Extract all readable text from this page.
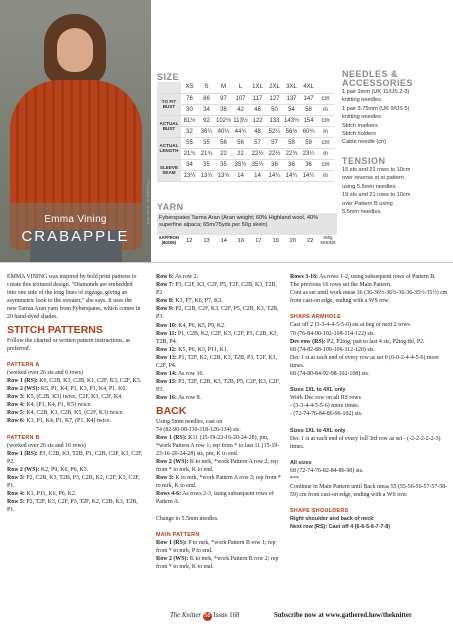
Emma Vining
CRABAPPLE
Photography: Jesse Wild
SIZE
	XS	S	M	L	1XL	2XL	3XL	4XL	
TO FIT BUST	76	86	97	107	117	127	137	147	cm
	30	34	38	42	46	50	54	58	in
ACTUAL BUST	81½	92	102½	113½	122	133	143½	154	cm
	32	36¼	40¼	44¾	48	52¼	56½	60¾	in
ACTUAL LENGTH	55	55	56	56	57	57	58	59	cm
	21¾	21¾	22	22	22½	22½	22¾	23¼	in
SLEEVE SEAM	34	35	35	35½	35½	36	36	36	cm
	13½	13¾	13¾	14	14	14¼	14¼	14¼	in
NEEDLES & ACCESSORIES
1 pair 3mm (UK 11/US 2-3)
knitting needles
1 pair 3.75mm (UK 9/US 5)
knitting needles
Stitch markers
Stitch holders
Cable needle (cn)
TENSION
15 sts and 21 rows to 10cm
over reverse st st pattern
using 5.5mm needles.
19 sts and 21 rows to 10cm
over Pattern B using
5.5mm needles.
YARN
Fyberspates Tarma Aran (Aran weight; 60% Highland wool, 40% superfine alpaca; 65m/75yds per 50g skein)
SAFFRON (80206)	12	13	14	16	17	19	20	22	x50g SKEINS

EMMA VINING was inspired by bold print patterns to create this textured design. "Diamonds are embedded into one side of the long lines of zigzags, giving an asymmetric look to the sweater," she says. It uses the new Tarma Aran yarn from Fyberspates, which comes in 20 hand-dyed shades.

STITCH PATTERNS

Follow the charted or written pattern instructions, as preferred.

PATTERN A

(worked over 26 sts and 6 rows)

Row 1 (RS): K6, C2B, K3, C2B, K1, C2F, K3, C2F, K5.

Row 2 (WS): K5, P1, K4, P1, K3, P1, K4, P1, K6.

Row 3: K5, (C2B, K3) twice, C2F, K3, C2F, K4.

Row 4: K4, (P1, K4, P1, K5) twice.

Row 5: K4, C2B, K3, C2B, K5, (C2F, K3) twice.

Row 6: K3, P1, K4, P1, K7, (P1, K4) twice.

PATTERN B

(worked over 26 sts and 16 rows)

Row 1 (RS): P3, C2B, K3, T2B, P1, C2B, C2F, K3, C2F, P2.

Row 2 (WS): K2, P9, K6, P6, K3.

Row 3: P2, C2B, K3, T2B, P3, C2B, K2, C2F, K3, C2F, P1.

Row 4: K1, P11, K6, P6, K2.

Row 5: P2, T2F, K3, C2F, P3, T2F, K2, C2B, K3, T2B, P1.

Row 6: As row 2.

Row 7: P3, C2F, K3, C2F, P5, T2F, C2B, K3, T2B, P2.

Row 8: K3, P7, K6, P7, K3.

Row 9: P2, C2B, C2F, K3, C2F, P5, C2B, K3, T2B, P3.

Row 10: K4, P6, K5, P9, K2.

Row 11: P1, C2B, K2, C2F, K3, C2F, P3, C2B, K3, T2B, P4.

Row 12: K5, P6, K3, P11, K1.

Row 13: P1, T2F, K2, C2B, K3, T2B, P3, T2F, K3, C2F, P4.

Row 14: As row 10.

Row 15: P2, T2F, C2B, K3, T2B, P5, C2F, K3, C2F, P3.

Row 16: As row 8.

BACK

Using 5mm needles, cast on

74 (82-90-98-110-118-126-134) sts.

Row 1 (RS): K11 (15-19-23-16-20-24-28), pm, *work Pattern A row 1; rep from * to last 11 (15-19-23-16-20-24-28) sts, pm, K to end.

Row 2 (WS): K to mrk, *work Pattern A row 2; rep from * to mrk, K to end.

Row 3: K to mrk, *work Pattern A row 3; rep from * to mrk, K to end.

Rows 4-6: As rows 2-3, using subsequent rows of Pattern A.

Change to 5.5mm needles.

MAIN PATTERN

Row 1 (RS): P to mrk, *work Pattern B row 1; rep from * to mrk, P to end.

Row 2 (WS): K to mrk, *work Pattern B row 2; rep from * to mrk, K to end.

Rows 3-16: As rows 1-2, using subsequent rows of Pattern B.

The previous 16 rows set the Main Pattern.

Cont as set until work meas 36 (36-36½-36½-36-36-35½-35½) cm from cast-on edge, ending with a WS row.

SHAPE ARMHOLE

Cast off 2 (3-3-4-4-5-5-6) sts at beg of next 2 rows.

70 (76-84-90-102-108-114-122) sts.

Dec row (RS): P2, P2tog, patt to last 4 sts, P2tog tbl, P2.

68 (74-82-88-100-106-112-120) sts.

Dec 1 st at each end of every row as set 0 (0-0-2-4-4-5-6) more times.

68 (74-80-84-92-98-102-108) sts.

Sizes 1XL to 4XL only

Work Dec row on alt RS rows

- (3-3-4-4-5-5-6) more times.

- (72-74-76-84-86-96-102) sts.

Sizes 1XL to 4XL only

Dec 1 st at each end of every foll 3rd row as set - (-2-2-2-2-2-3) times.

All sizes

68 (72-74-76-82-84-86-90) sts.

***

Continue in Main Pattern until Back meas 55 (55-56-56-57-57-58-59) cm from cast-on edge, ending with a WS row.

SHAPE SHOULDERS
Right shoulder and back of neck
Next row (RS): Cast off 4 (6-6-5-6-7-7-8)
The Knitter 58 Issue 168	Subscribe now at www.gathered.how/theknitter
